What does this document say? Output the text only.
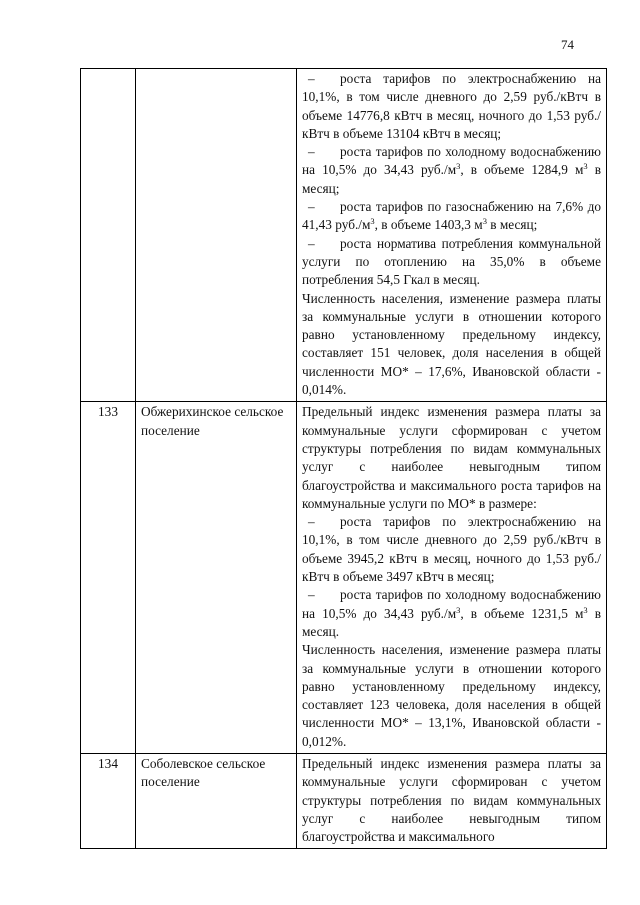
74

		– роста тарифов по электроснабжению на 10,1%, в том числе дневного до 2,59 руб./кВтч в объеме 14776,8 кВтч в месяц, ночного до 1,53 руб./кВтч в объеме 13104 кВтч в месяц;

– роста тарифов по холодному водоснабжению на 10,5% до 34,43 $руб./м^3$, в объеме 1284,9 $м^3$ в месяц;

– роста тарифов по газоснабжению на 7,6% до 41,43 $руб./м^3$, в объеме 1403,3 $м^3$ в месяц;

– роста норматива потребления коммунальной услуги по отоплению на 35,0% в объеме потребления 54,5 Гкал в месяц.

Численность населения, изменение размера платы за коммунальные услуги в отношении которого равно установленному предельному индексу, составляет 151 человек, доля населения в общей численности МО* – 17,6%, Ивановской области - 0,014%.

133	Обжерихинское сельское поселение	Предельный индекс изменения размера платы за коммунальные услуги сформирован с учетом структуры потребления по видам коммунальных услуг с наиболее невыгодным типом благоустройства и максимального роста тарифов на коммунальные услуги по МО* в размере:

– роста тарифов по электроснабжению на 10,1%, в том числе дневного до 2,59 руб./кВтч в объеме 3945,2 кВтч в месяц, ночного до 1,53 руб./кВтч в объеме 3497 кВтч в месяц;

– роста тарифов по холодному водоснабжению на 10,5% до 34,43 $руб./м^3$, в объеме 1231,5 $м^3$ в месяц.

Численность населения, изменение размера платы за коммунальные услуги в отношении которого равно установленному предельному индексу, составляет 123 человека, доля населения в общей численности МО* – 13,1%, Ивановской области - 0,012%.

134	Соболевское сельское поселение	Предельный индекс изменения размера платы за коммунальные услуги сформирован с учетом структуры потребления по видам коммунальных услуг с наиболее невыгодным типом благоустройства и максимального
